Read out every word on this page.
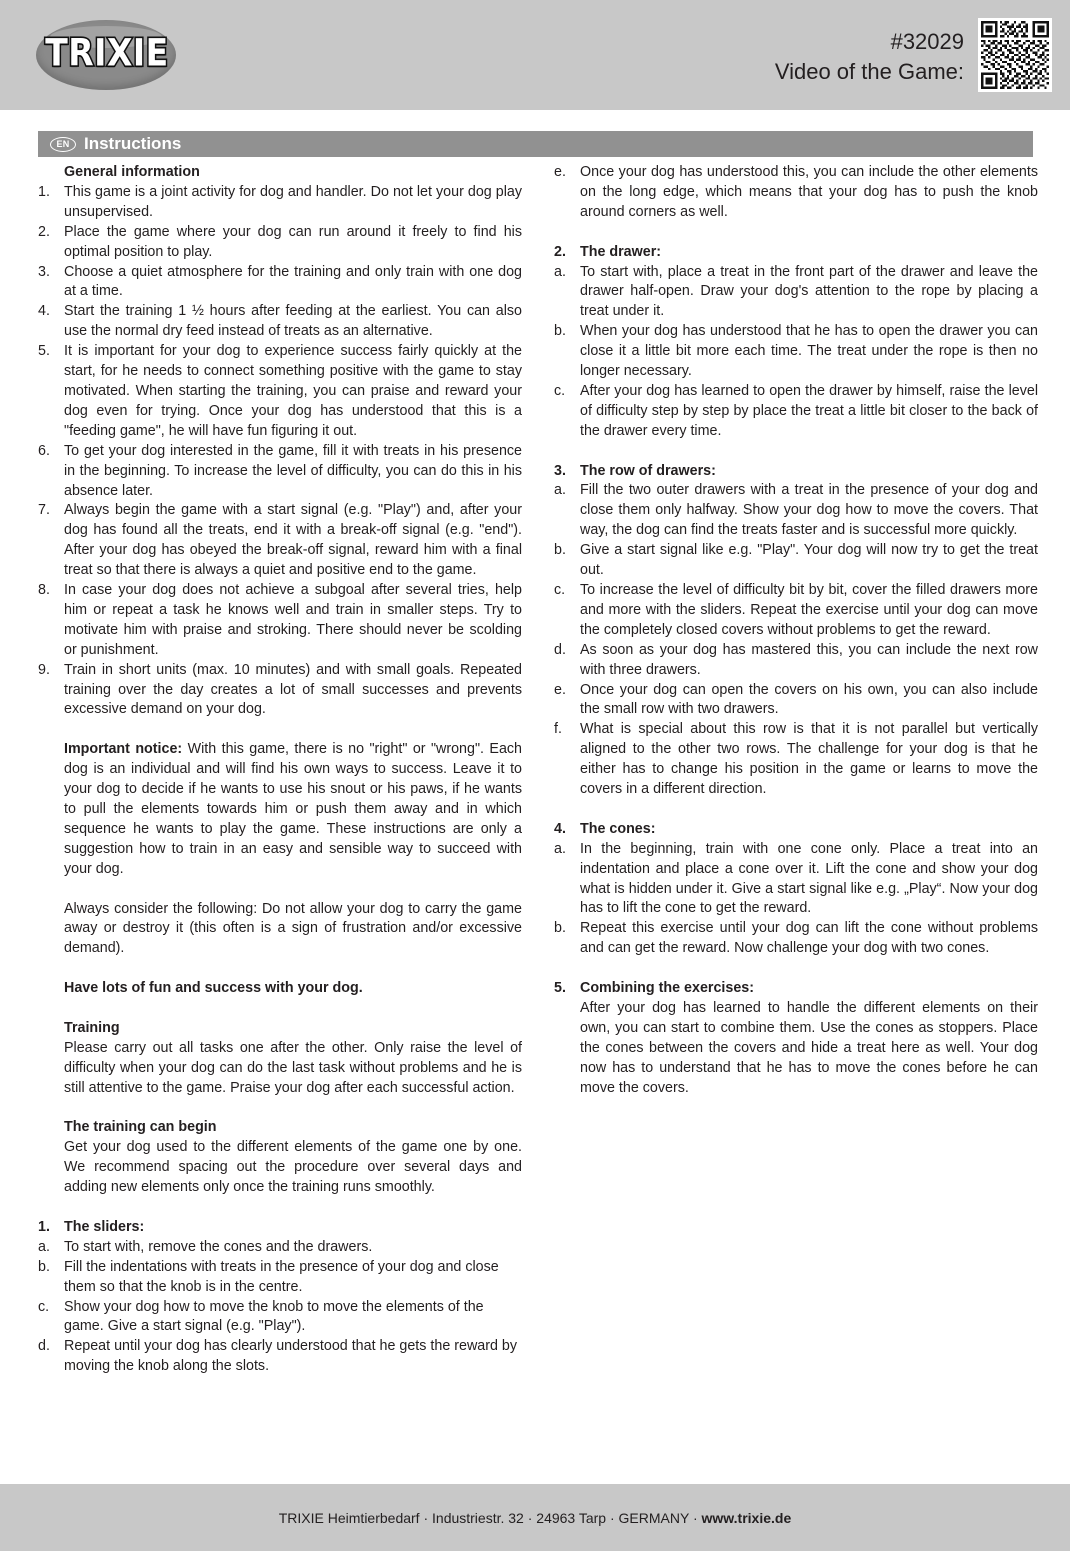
TRIXIE	#32029
Video of the Game:
EN Instructions
General information
1. This game is a joint activity for dog and handler. Do not let your dog play unsupervised.
2. Place the game where your dog can run around it freely to find his optimal position to play.
3. Choose a quiet atmosphere for the training and only train with one dog at a time.
4. Start the training 1 ½ hours after feeding at the earliest. You can also use the normal dry feed instead of treats as an alternative.
5. It is important for your dog to experience success fairly quickly at the start, for he needs to connect something positive with the game to stay motivated. When starting the training, you can praise and reward your dog even for trying. Once your dog has understood that this is a "feeding game", he will have fun figuring it out.
6. To get your dog interested in the game, fill it with treats in his presence in the beginning. To increase the level of difficulty, you can do this in his absence later.
7. Always begin the game with a start signal (e.g. "Play") and, after your dog has found all the treats, end it with a break-off signal (e.g. "end"). After your dog has obeyed the break-off signal, reward him with a final treat so that there is always a quiet and positive end to the game.
8. In case your dog does not achieve a subgoal after several tries, help him or repeat a task he knows well and train in smaller steps. Try to motivate him with praise and stroking. There should never be scolding or punishment.
9. Train in short units (max. 10 minutes) and with small goals. Repeated training over the day creates a lot of small successes and prevents excessive demand on your dog.
Important notice: With this game, there is no "right" or "wrong". Each dog is an individual and will find his own ways to success. Leave it to your dog to decide if he wants to use his snout or his paws, if he wants to pull the elements towards him or push them away and in which sequence he wants to play the game. These instructions are only a suggestion how to train in an easy and sensible way to succeed with your dog.
Always consider the following: Do not allow your dog to carry the game away or destroy it (this often is a sign of frustration and/or excessive demand).
Have lots of fun and success with your dog.
Training
Please carry out all tasks one after the other. Only raise the level of difficulty when your dog can do the last task without problems and he is still attentive to the game. Praise your dog after each successful action.
The training can begin
Get your dog used to the different elements of the game one by one. We recommend spacing out the procedure over several days and adding new elements only once the training runs smoothly.
1. The sliders:
a. To start with, remove the cones and the drawers.
b. Fill the indentations with treats in the presence of your dog and close them so that the knob is in the centre.
c.	Show your dog how to move the knob to move the elements of the game. Give a start signal (e.g. "Play").
d. Repeat until your dog has clearly understood that he gets the reward by moving the knob along the slots.
e. Once your dog has understood this, you can include the other elements on the long edge, which means that your dog has to push the knob around corners as well.
2. The drawer:
a. To start with, place a treat in the front part of the drawer and leave the drawer half-open. Draw your dog's attention to the rope by placing a treat under it.
b. When your dog has understood that he has to open the drawer you can close it a little bit more each time. The treat under the rope is then no longer necessary.
c.	After your dog has learned to open the drawer by himself, raise the level of difficulty step by step by place the treat a little bit closer to the back of the drawer every time.
3. The row of drawers:
a. Fill the two outer drawers with a treat in the presence of your dog and close them only halfway. Show your dog how to move the covers. That way, the dog can find the treats faster and is successful more quickly.
b. Give a start signal like e.g. "Play". Your dog will now try to get the treat out.
c.	To increase the level of difficulty bit by bit, cover the filled drawers more and more with the sliders. Repeat the exercise until your dog can move the completely closed covers without problems to get the reward.
d. As soon as your dog has mastered this, you can include the next row with three drawers.
e. Once your dog can open the covers on his own, you can also include the small row with two drawers.
f.	What is special about this row is that it is not parallel but vertically aligned to the other two rows. The challenge for your dog is that he either has to change his position in the game or learns to move the covers in a different direction.
4. The cones:
a. In the beginning, train with one cone only. Place a treat into an indentation and place a cone over it. Lift the cone and show your dog what is hidden under it. Give a start signal like e.g. „Play“. Now your dog has to lift the cone to get the reward.
b. Repeat this exercise until your dog can lift the cone without problems and can get the reward. Now challenge your dog with two cones.
5. Combining the exercises:
After your dog has learned to handle the different elements on their own, you can start to combine them. Use the cones as stoppers. Place the cones between the covers and hide a treat here as well. Your dog now has to understand that he has to move the cones before he can move the covers.
TRIXIE Heimtierbedarf · Industriestr. 32 · 24963 Tarp · GERMANY · www.trixie.de
